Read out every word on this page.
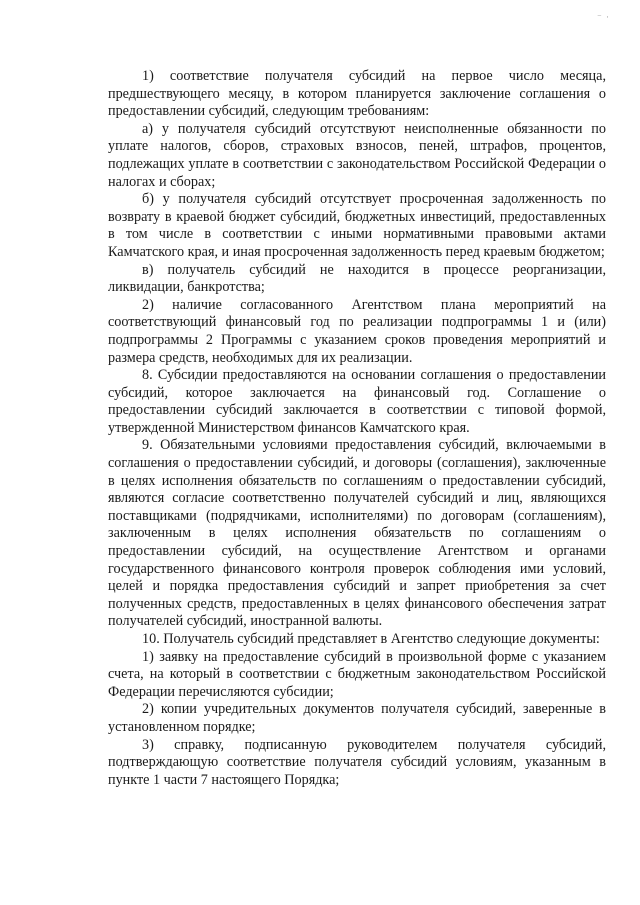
⁻ ·

1) соответствие получателя субсидий на первое число месяца, предшествующего месяцу, в котором планируется заключение соглашения о предоставлении субсидий, следующим требованиям:

а) у получателя субсидий отсутствуют неисполненные обязанности по уплате налогов, сборов, страховых взносов, пеней, штрафов, процентов, подлежащих уплате в соответствии с законодательством Российской Федерации о налогах и сборах;

б) у получателя субсидий отсутствует просроченная задолженность по возврату в краевой бюджет субсидий, бюджетных инвестиций, предоставленных в том числе в соответствии с иными нормативными правовыми актами Камчатского края, и иная просроченная задолженность перед краевым бюджетом;

в) получатель субсидий не находится в процессе реорганизации, ликвидации, банкротства;

2) наличие согласованного Агентством плана мероприятий на соответствующий финансовый год по реализации подпрограммы 1 и (или) подпрограммы 2 Программы с указанием сроков проведения мероприятий и размера средств, необходимых для их реализации.

8. Субсидии предоставляются на основании соглашения о предоставлении субсидий, которое заключается на финансовый год. Соглашение о предоставлении субсидий заключается в соответствии с типовой формой, утвержденной Министерством финансов Камчатского края.

9. Обязательными условиями предоставления субсидий, включаемыми в соглашения о предоставлении субсидий, и договоры (соглашения), заключенные в целях исполнения обязательств по соглашениям о предоставлении субсидий, являются согласие соответственно получателей субсидий и лиц, являющихся поставщиками (подрядчиками, исполнителями) по договорам (соглашениям), заключенным в целях исполнения обязательств по соглашениям о предоставлении субсидий, на осуществление Агентством и органами государственного финансового контроля проверок соблюдения ими условий, целей и порядка предоставления субсидий и запрет приобретения за счет полученных средств, предоставленных в целях финансового обеспечения затрат получателей субсидий, иностранной валюты.

10. Получатель субсидий представляет в Агентство следующие документы:

1) заявку на предоставление субсидий в произвольной форме с указанием счета, на который в соответствии с бюджетным законодательством Российской Федерации перечисляются субсидии;

2) копии учредительных документов получателя субсидий, заверенные в установленном порядке;

3) справку, подписанную руководителем получателя субсидий, подтверждающую соответствие получателя субсидий условиям, указанным в пункте 1 части 7 настоящего Порядка;
